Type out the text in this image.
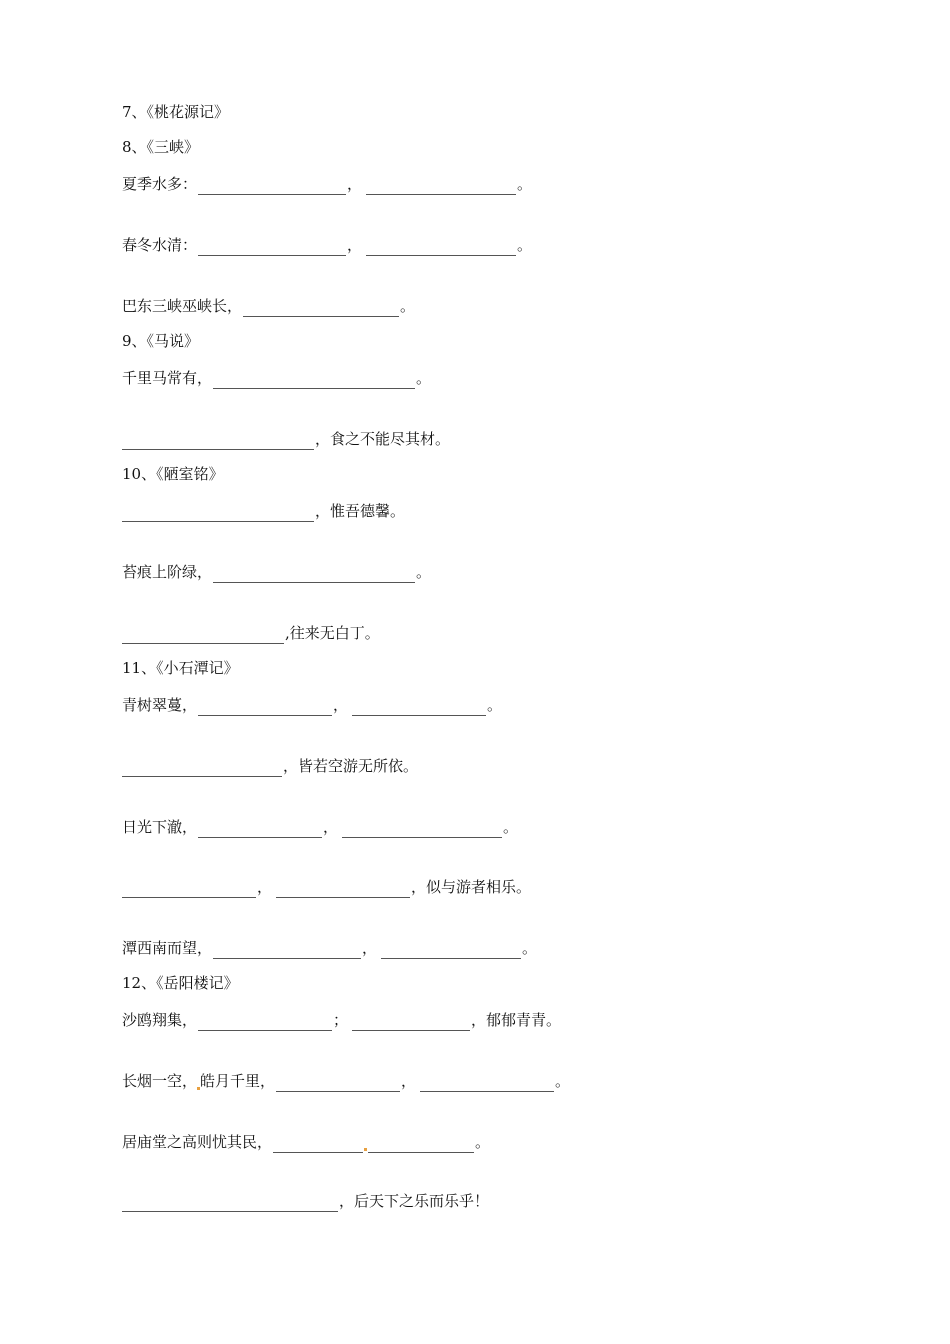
7、《桃花源记》
8、《三峡》
夏季水多：	，	。
春冬水清：	，	。
巴东三峡巫峡长，	。
9、《马说》
千里马常有，	。
，食之不能尽其材。
10、《陋室铭》
，惟吾德馨。
苔痕上阶绿，	。
,往来无白丁。
11、《小石潭记》
青树翠蔓，	，	。
，皆若空游无所依。
日光下澈，	，	。
，	，似与游者相乐。
潭西南而望，	，	。
12、《岳阳楼记》
沙鸥翔集，	；	，郁郁青青。
长烟一空， 皓月千里，	，	。
居庙堂之高则忧其民，	。
，后天下之乐而乐乎！
